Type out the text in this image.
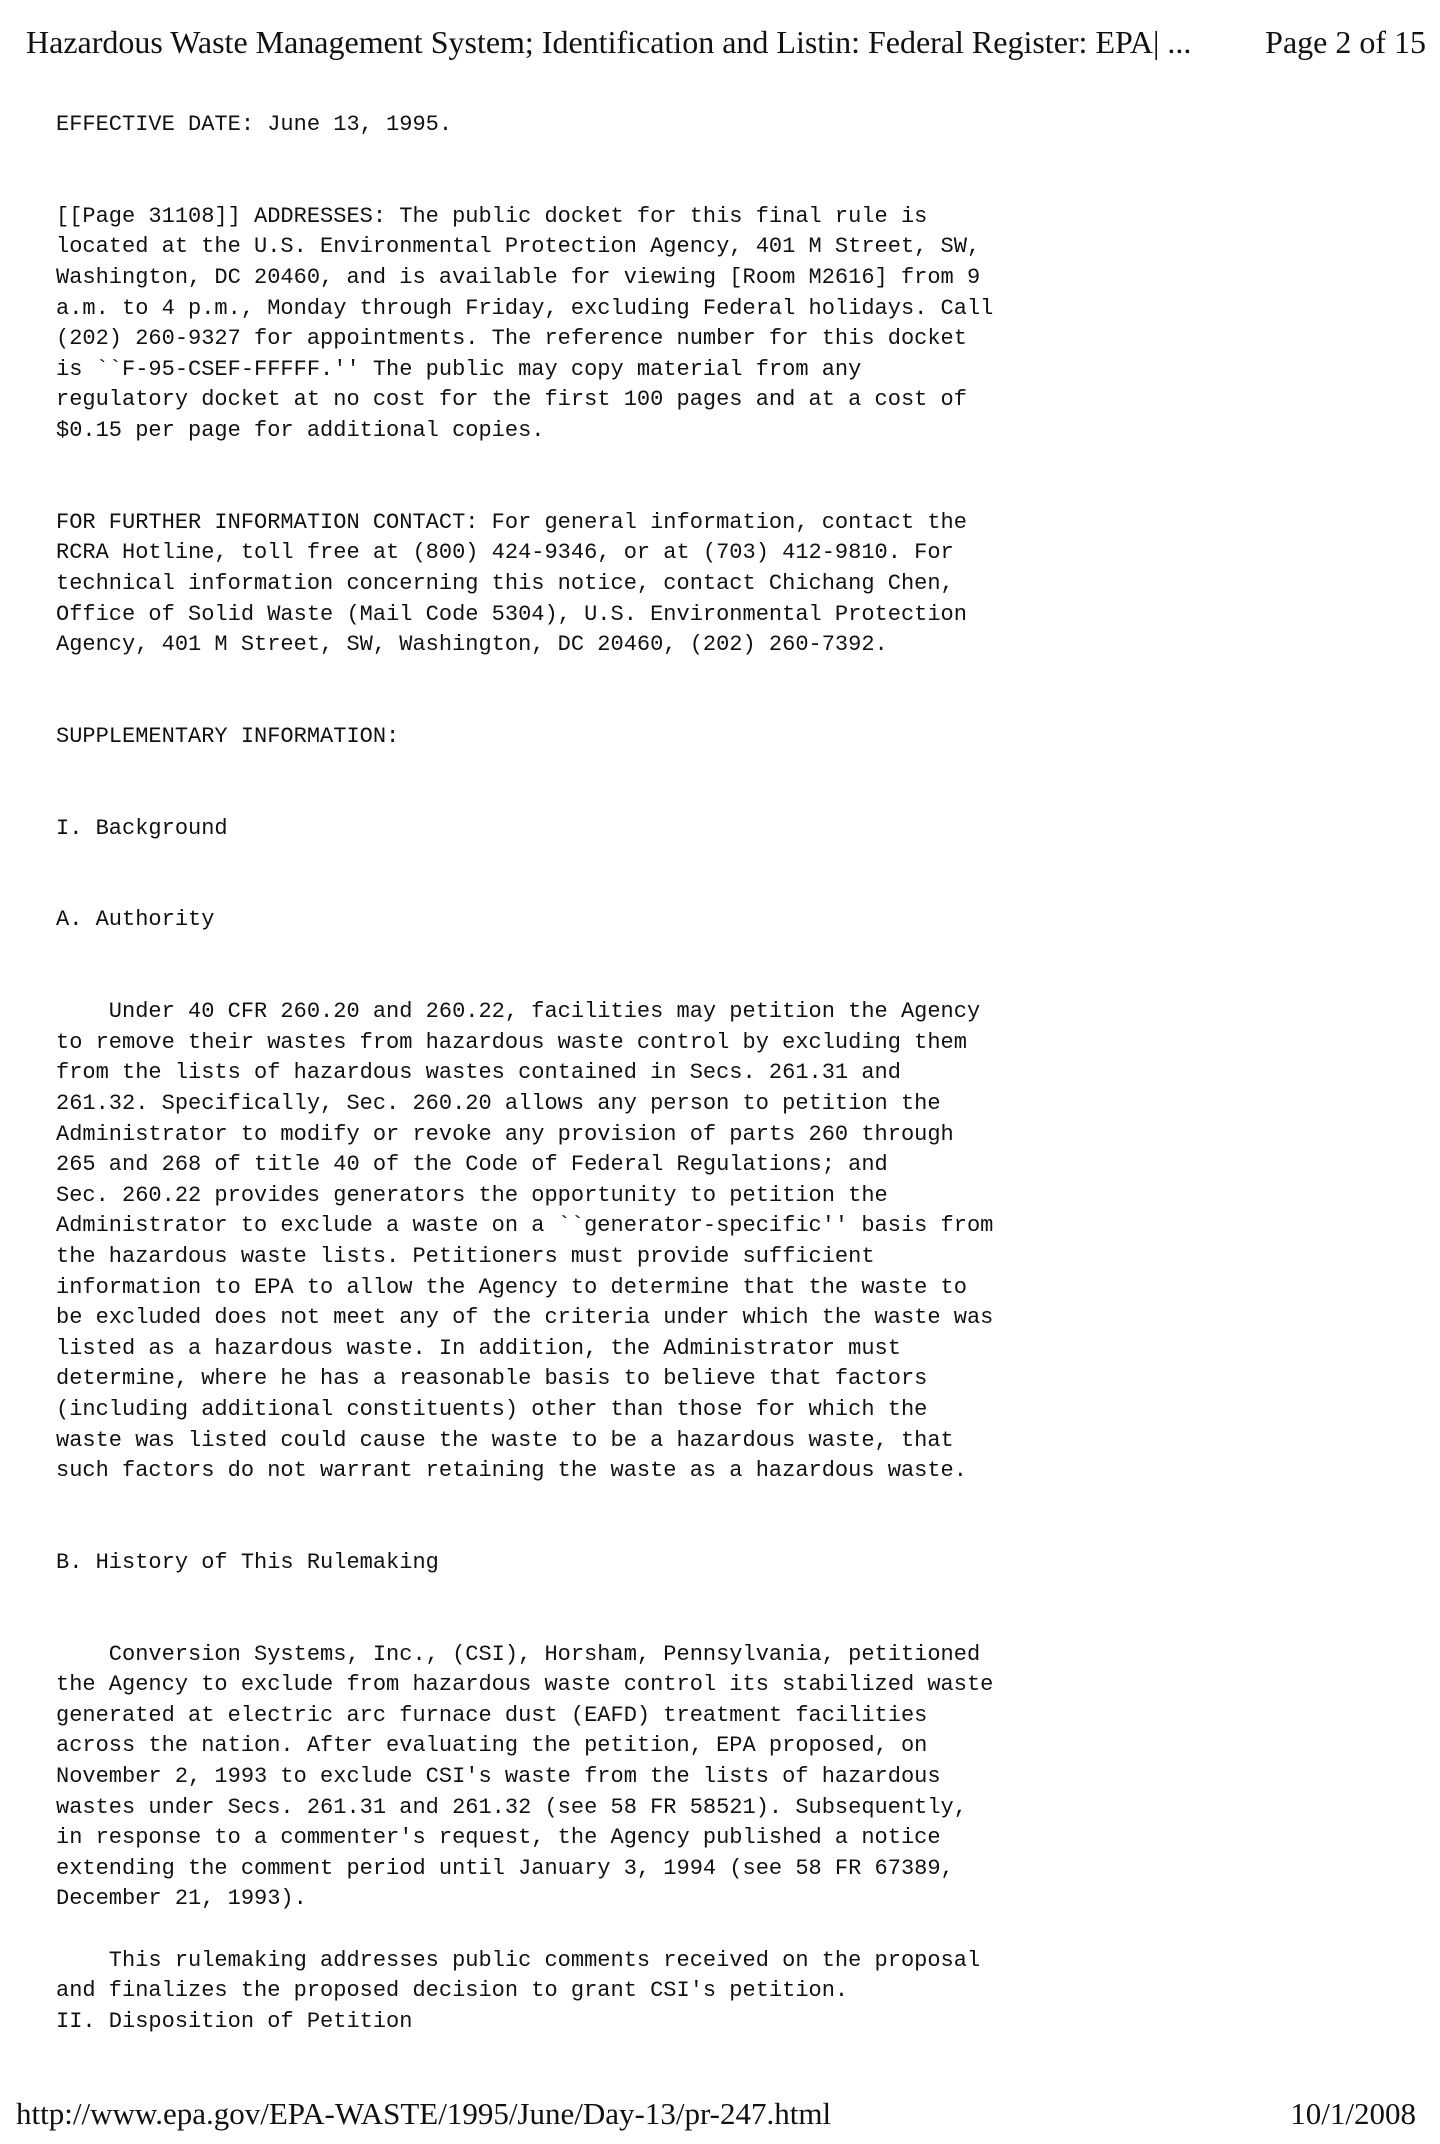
Hazardous Waste Management System; Identification and Listin: Federal Register: EPA| ... Page 2 of 15
EFFECTIVE DATE: June 13, 1995.
[[Page 31108]] ADDRESSES: The public docket for this final rule is
located at the U.S. Environmental Protection Agency, 401 M Street, SW,
Washington, DC 20460, and is available for viewing [Room M2616] from 9
a.m. to 4 p.m., Monday through Friday, excluding Federal holidays. Call
(202) 260-9327 for appointments. The reference number for this docket
is ``F-95-CSEF-FFFFF.'' The public may copy material from any
regulatory docket at no cost for the first 100 pages and at a cost of
$0.15 per page for additional copies.
FOR FURTHER INFORMATION CONTACT: For general information, contact the
RCRA Hotline, toll free at (800) 424-9346, or at (703) 412-9810. For
technical information concerning this notice, contact Chichang Chen,
Office of Solid Waste (Mail Code 5304), U.S. Environmental Protection
Agency, 401 M Street, SW, Washington, DC 20460, (202) 260-7392.
SUPPLEMENTARY INFORMATION:
I. Background
A. Authority
Under 40 CFR 260.20 and 260.22, facilities may petition the Agency
to remove their wastes from hazardous waste control by excluding them
from the lists of hazardous wastes contained in Secs. 261.31 and
261.32. Specifically, Sec. 260.20 allows any person to petition the
Administrator to modify or revoke any provision of parts 260 through
265 and 268 of title 40 of the Code of Federal Regulations; and
Sec. 260.22 provides generators the opportunity to petition the
Administrator to exclude a waste on a ``generator-specific'' basis from
the hazardous waste lists. Petitioners must provide sufficient
information to EPA to allow the Agency to determine that the waste to
be excluded does not meet any of the criteria under which the waste was
listed as a hazardous waste. In addition, the Administrator must
determine, where he has a reasonable basis to believe that factors
(including additional constituents) other than those for which the
waste was listed could cause the waste to be a hazardous waste, that
such factors do not warrant retaining the waste as a hazardous waste.
B. History of This Rulemaking
Conversion Systems, Inc., (CSI), Horsham, Pennsylvania, petitioned
the Agency to exclude from hazardous waste control its stabilized waste
generated at electric arc furnace dust (EAFD) treatment facilities
across the nation. After evaluating the petition, EPA proposed, on
November 2, 1993 to exclude CSI's waste from the lists of hazardous
wastes under Secs. 261.31 and 261.32 (see 58 FR 58521). Subsequently,
in response to a commenter's request, the Agency published a notice
extending the comment period until January 3, 1994 (see 58 FR 67389,
December 21, 1993).
This rulemaking addresses public comments received on the proposal
and finalizes the proposed decision to grant CSI's petition.
II. Disposition of Petition
http://www.epa.gov/EPA-WASTE/1995/June/Day-13/pr-247.html	10/1/2008
